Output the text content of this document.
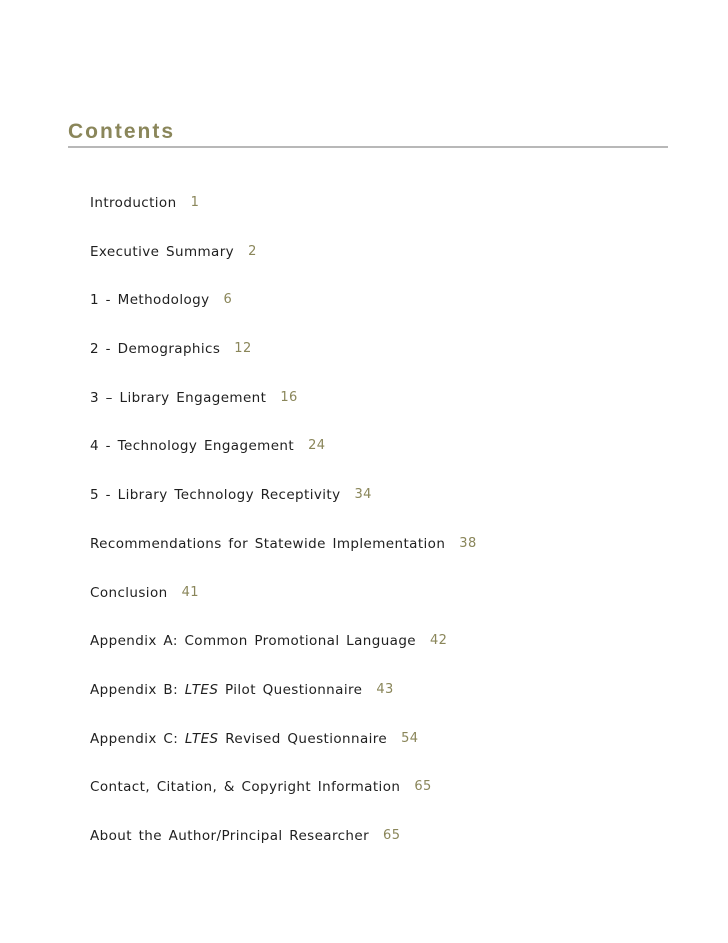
Contents
Introduction 1
Executive Summary 2
1 - Methodology 6
2 - Demographics 12
3 – Library Engagement 16
4 - Technology Engagement 24
5 - Library Technology Receptivity 34
Recommendations for Statewide Implementation 38
Conclusion 41
Appendix A: Common Promotional Language 42
Appendix B: LTES Pilot Questionnaire 43
Appendix C: LTES Revised Questionnaire 54
Contact, Citation, & Copyright Information 65
About the Author/Principal Researcher 65
